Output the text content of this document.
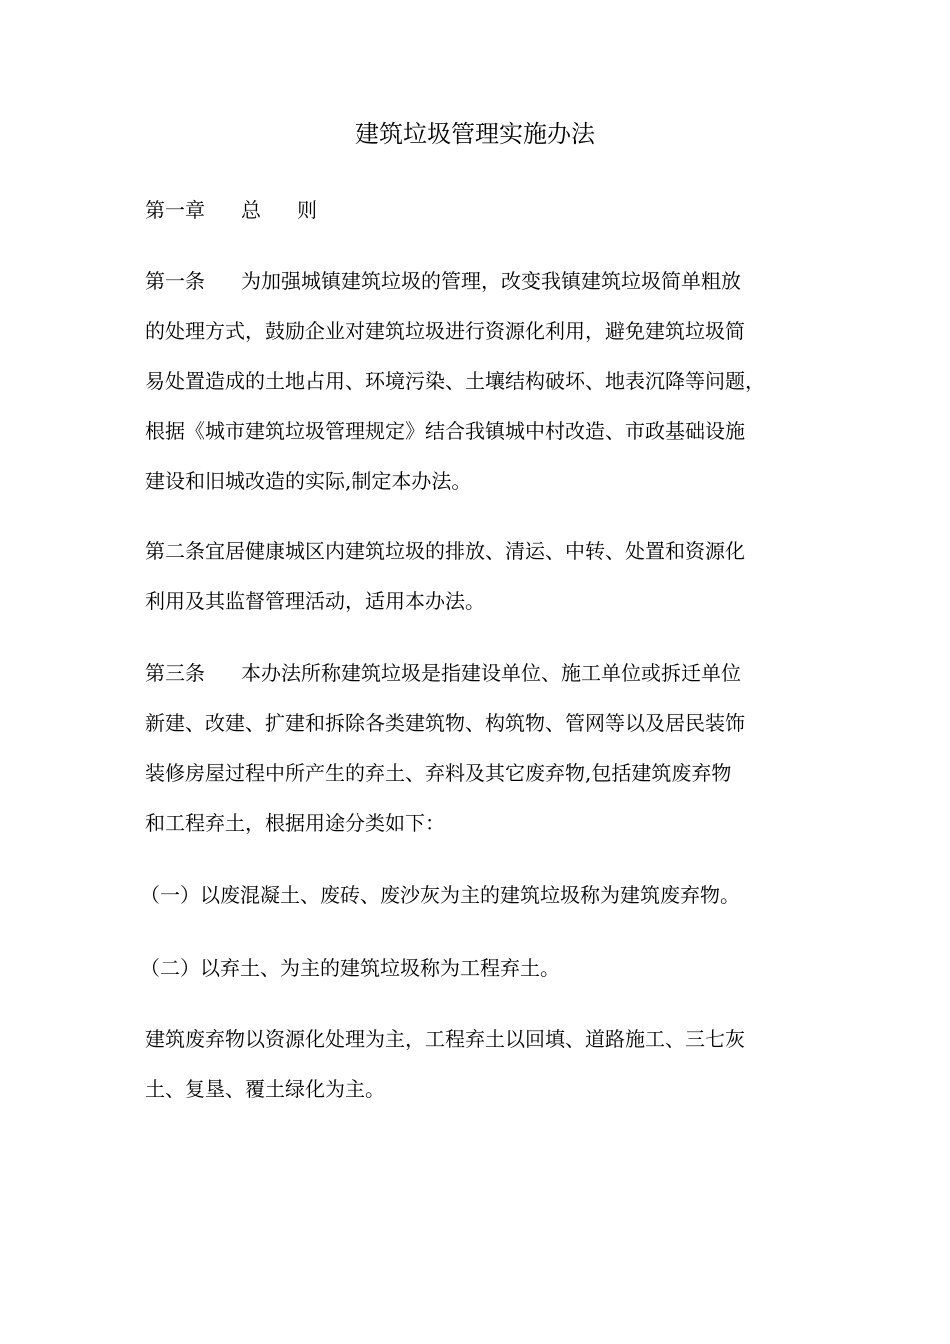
建筑垃圾管理实施办法
第一章 总 则
第一条 为加强城镇建筑垃圾的管理，改变我镇建筑垃圾简单粗放
的处理方式，鼓励企业对建筑垃圾进行资源化利用，避免建筑垃圾简
易处置造成的土地占用、环境污染、土壤结构破坏、地表沉降等问题，
根据《城市建筑垃圾管理规定》结合我镇城中村改造、市政基础设施
建设和旧城改造的实际,制定本办法。
第二条宜居健康城区内建筑垃圾的排放、清运、中转、处置和资源化
利用及其监督管理活动，适用本办法。
第三条 本办法所称建筑垃圾是指建设单位、施工单位或拆迁单位
新建、改建、扩建和拆除各类建筑物、构筑物、管网等以及居民装饰
装修房屋过程中所产生的弃土、弃料及其它废弃物,包括建筑废弃物
和工程弃土，根据用途分类如下：
（一）以废混凝土、废砖、废沙灰为主的建筑垃圾称为建筑废弃物。
（二）以弃土、为主的建筑垃圾称为工程弃土。
建筑废弃物以资源化处理为主，工程弃土以回填、道路施工、三七灰
土、复垦、覆土绿化为主。
